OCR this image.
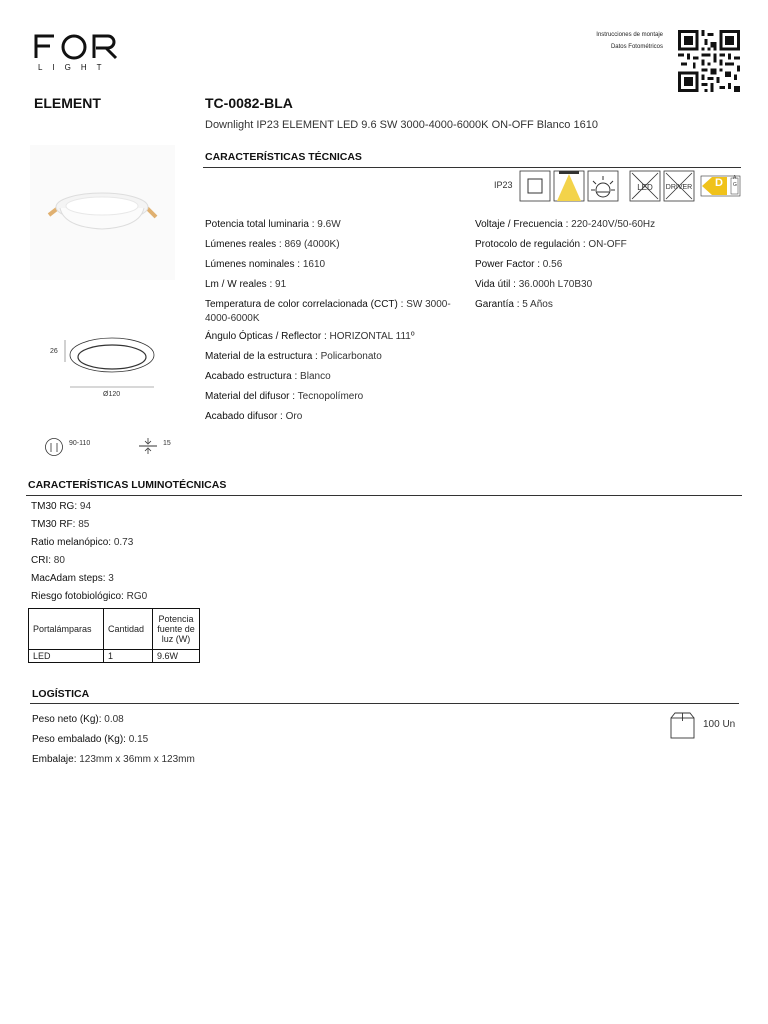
LIGHT
Instrucciones de montaje
Datos Fotométricos
ELEMENT	TC-0082-BLA
Downlight IP23 ELEMENT LED 9.6 SW 3000-4000-6000K ON-OFF Blanco 1610
26
Ø120
90-110	15
CARACTERÍSTICAS TÉCNICAS
IP23	LED DRIVER D A
G
Potencia total luminaria : 9.6W
Lúmenes reales : 869 (4000K)
Lúmenes nominales : 1610
Lm / W reales : 91
Temperatura de color correlacionada (CCT) : SW 3000-4000-6000K
Ángulo Ópticas / Reflector : HORIZONTAL 111º
Material de la estructura : Policarbonato
Acabado estructura : Blanco
Material del difusor : Tecnopolímero
Acabado difusor : Oro
Voltaje / Frecuencia : 220-240V/50-60Hz
Protocolo de regulación : ON-OFF
Power Factor : 0.56
Vida útil : 36.000h L70B30
Garantía : 5 Años
CARACTERÍSTICAS LUMINOTÉCNICAS
TM30 RG: 94
TM30 RF: 85
Ratio melanópico: 0.73
CRI: 80
MacAdam steps: 3
Riesgo fotobiológico: RG0
Portalámparas	Cantidad	Potencia fuente de luz (W)
LED	1	9.6W
LOGÍSTICA
Peso neto (Kg): 0.08
Peso embalado (Kg): 0.15
Embalaje: 123mm x 36mm x 123mm
100 Un
